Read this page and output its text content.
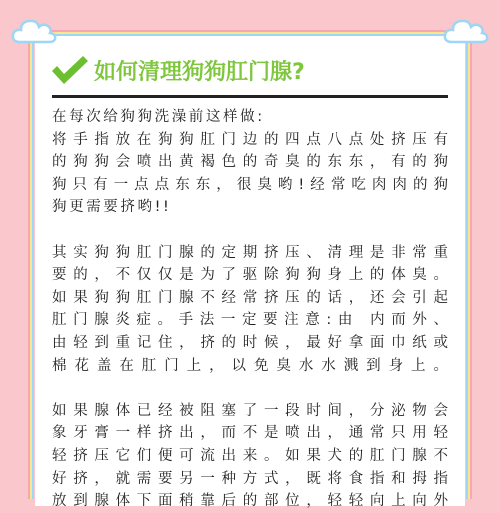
如何清理狗狗肛门腺?
在每次给狗狗洗澡前这样做:
将手指放在狗狗肛门边的四点八点处挤压有
的狗狗会喷出黄褐色的奇臭的东东，有的狗
狗只有一点点东东，很臭哟!经常吃肉肉的狗
狗更需要挤哟!!
其实狗狗肛门腺的定期挤压、清理是非常重
要的，不仅仅是为了驱除狗狗身上的体臭。
如果狗狗肛门腺不经常挤压的话，还会引起
肛门腺炎症。手法一定要注意:由 内而外、
由轻到重记住，挤的时候，最好拿面巾纸或
棉花盖在肛门上，以免臭水水溅到身上。
如果腺体已经被阻塞了一段时间，分泌物会
象牙膏一样挤出，而不是喷出，通常只用轻
轻挤压它们便可流出来。如果犬的肛门腺不
好挤，就需要另一种方式，既将食指和拇指
放到腺体下面稍靠后的部位，轻轻向上向外
